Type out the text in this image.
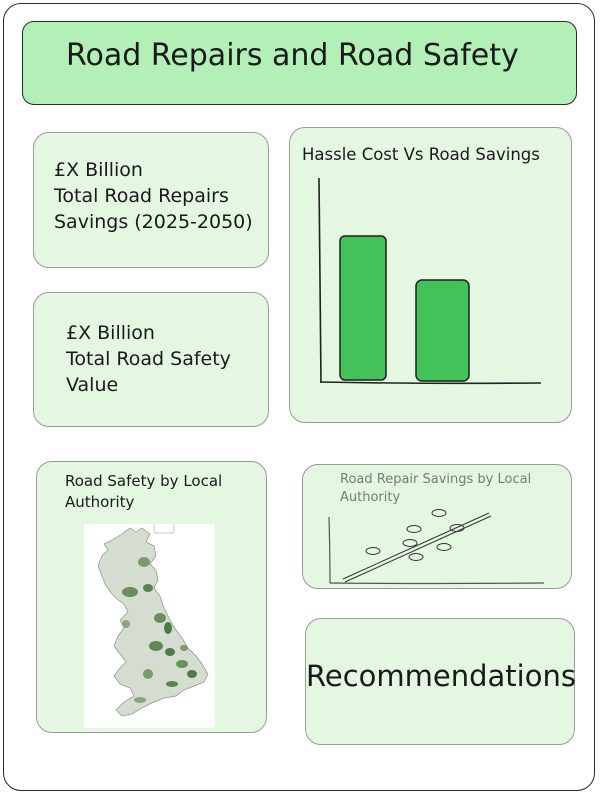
Road Repairs and Road Safety
£X Billion
Total Road Repairs
Savings (2025-2050)
£X Billion
Total Road Safety
Value
Hassle Cost Vs Road Savings
Road Safety by Local
Authority
Road Repair Savings by Local
Authority
Recommendations
